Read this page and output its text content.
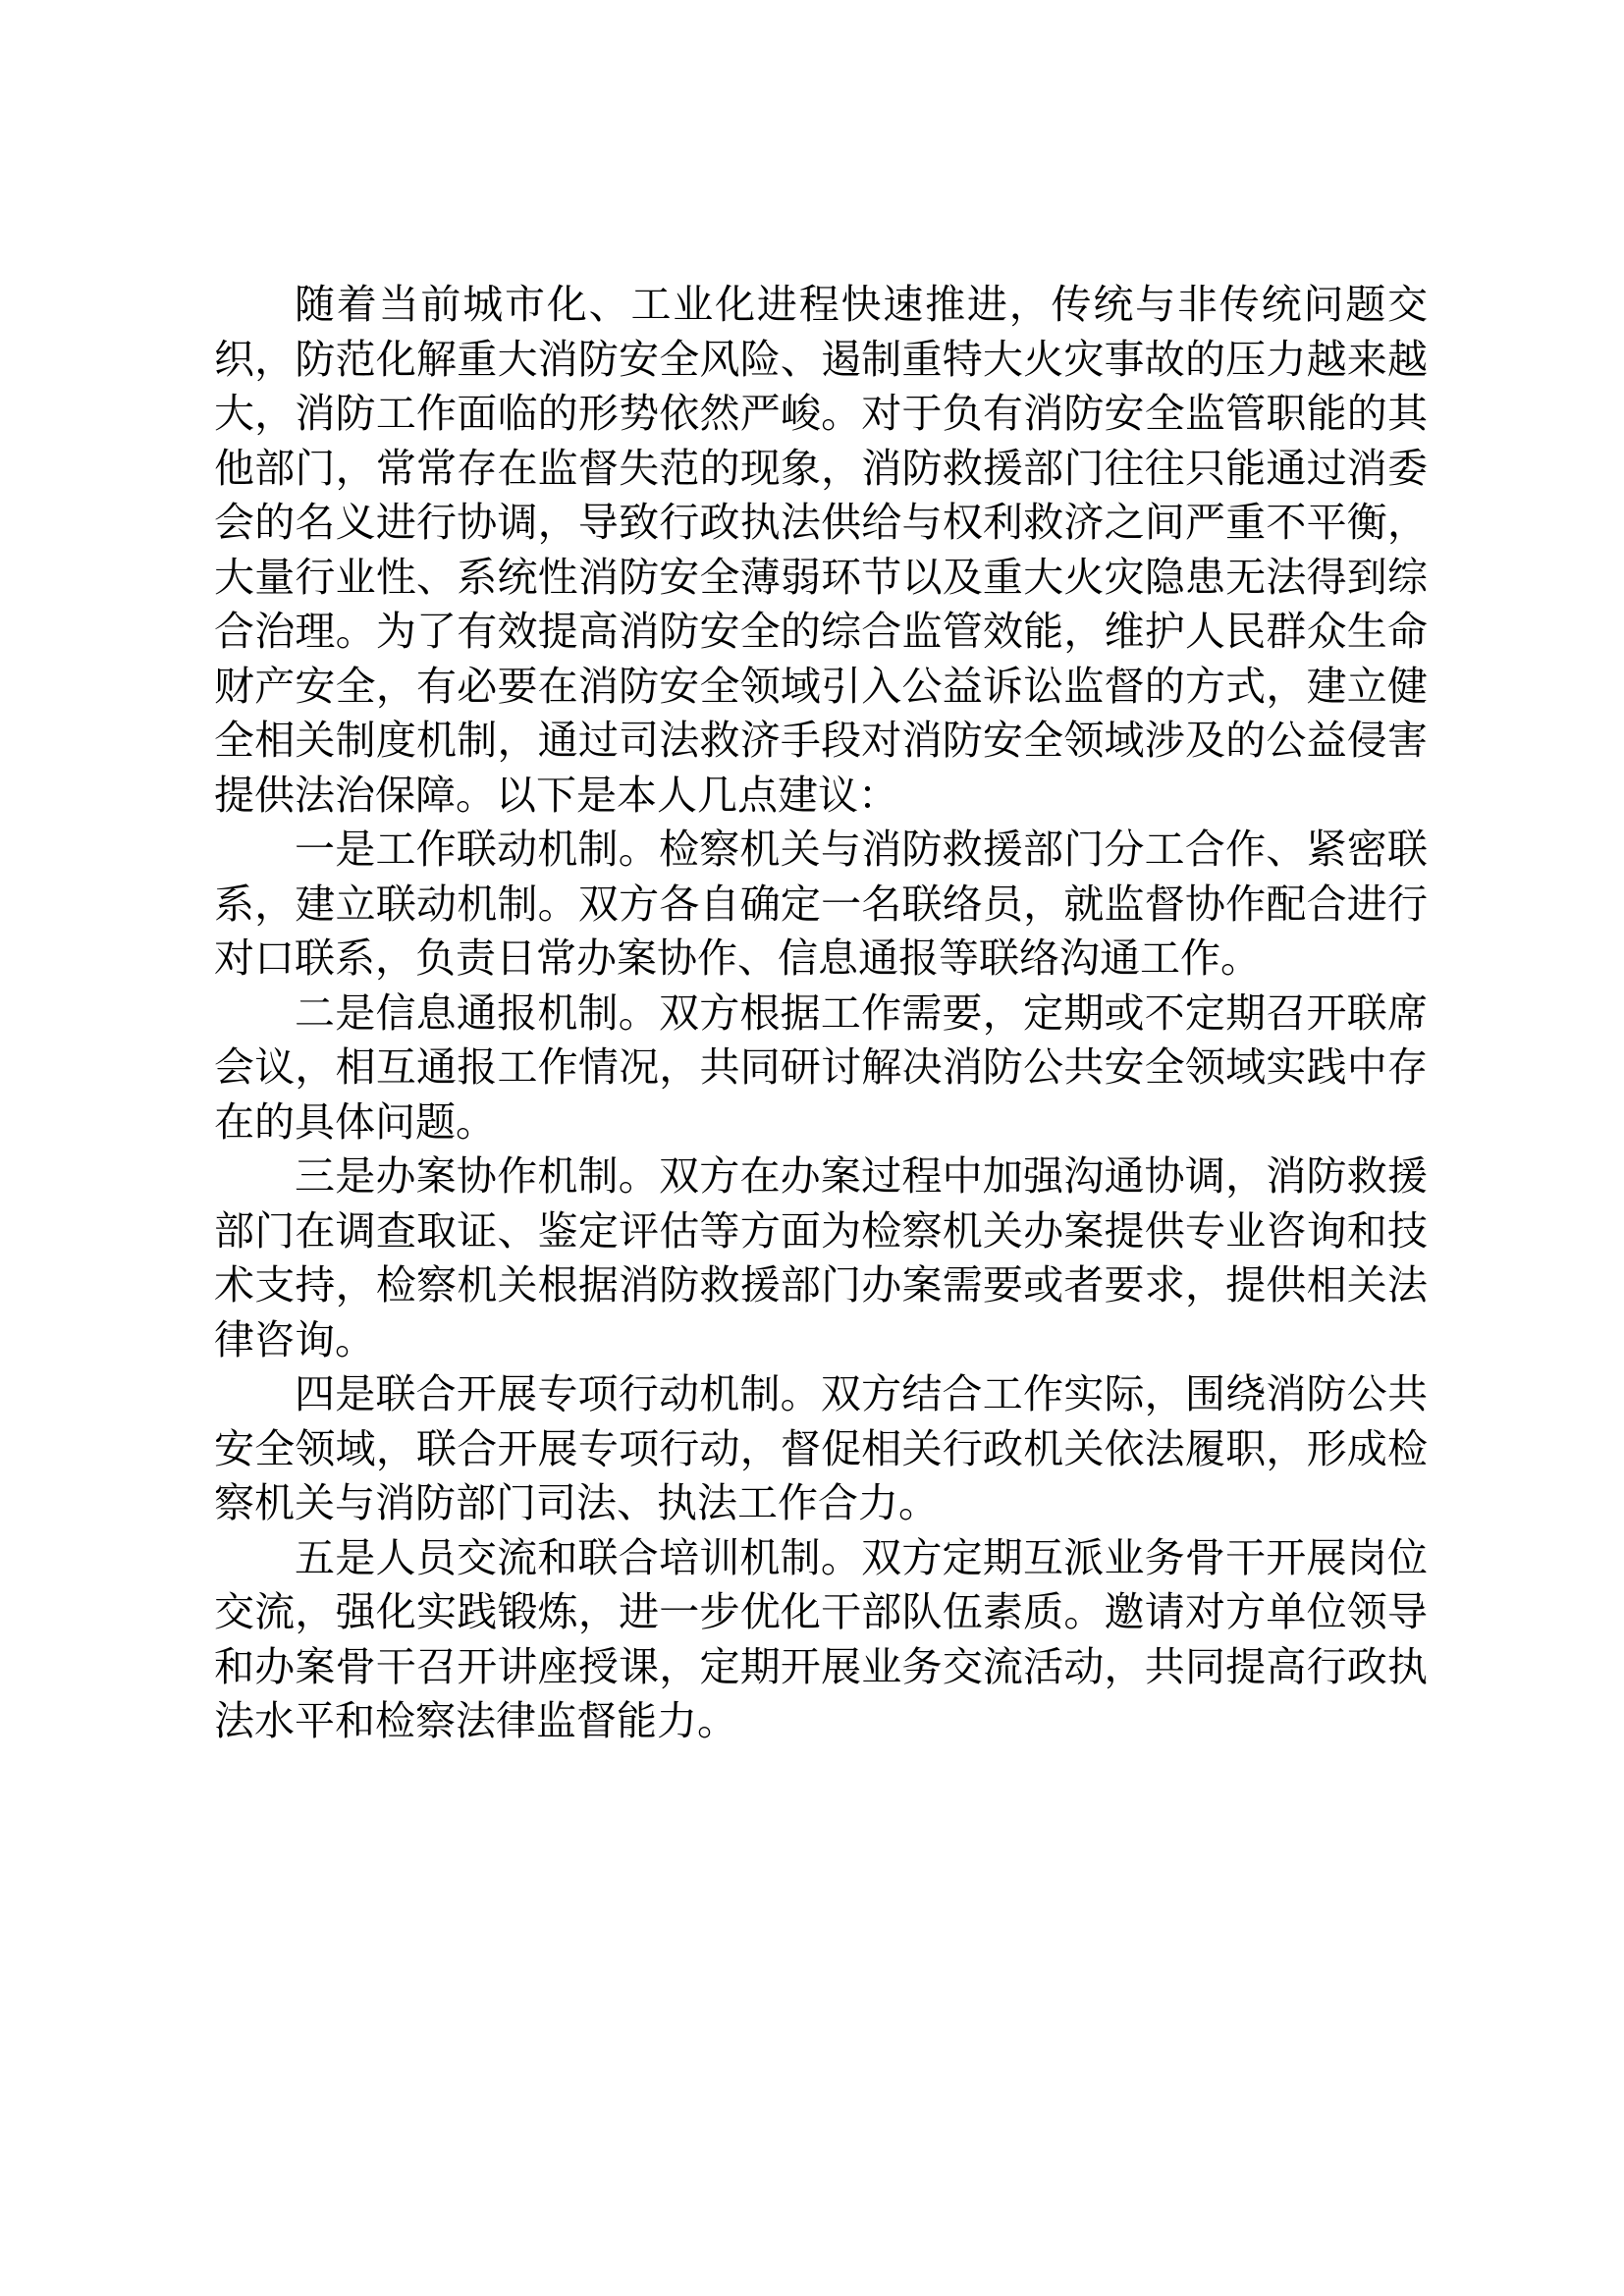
随着当前城市化、工业化进程快速推进，传统与非传统问题交织，防范化解重大消防安全风险、遏制重特大火灾事故的压力越来越大，消防工作面临的形势依然严峻。对于负有消防安全监管职能的其他部门，常常存在监督失范的现象，消防救援部门往往只能通过消委会的名义进行协调，导致行政执法供给与权利救济之间严重不平衡，大量行业性、系统性消防安全薄弱环节以及重大火灾隐患无法得到综合治理。为了有效提高消防安全的综合监管效能，维护人民群众生命财产安全，有必要在消防安全领域引入公益诉讼监督的方式，建立健全相关制度机制，通过司法救济手段对消防安全领域涉及的公益侵害提供法治保障。以下是本人几点建议：

一是工作联动机制。检察机关与消防救援部门分工合作、紧密联系，建立联动机制。双方各自确定一名联络员，就监督协作配合进行对口联系，负责日常办案协作、信息通报等联络沟通工作。

二是信息通报机制。双方根据工作需要，定期或不定期召开联席会议，相互通报工作情况，共同研讨解决消防公共安全领域实践中存在的具体问题。

三是办案协作机制。双方在办案过程中加强沟通协调，消防救援部门在调查取证、鉴定评估等方面为检察机关办案提供专业咨询和技术支持，检察机关根据消防救援部门办案需要或者要求，提供相关法律咨询。

四是联合开展专项行动机制。双方结合工作实际，围绕消防公共安全领域，联合开展专项行动，督促相关行政机关依法履职，形成检察机关与消防部门司法、执法工作合力。

五是人员交流和联合培训机制。双方定期互派业务骨干开展岗位交流，强化实践锻炼，进一步优化干部队伍素质。邀请对方单位领导和办案骨干召开讲座授课，定期开展业务交流活动，共同提高行政执法水平和检察法律监督能力。
